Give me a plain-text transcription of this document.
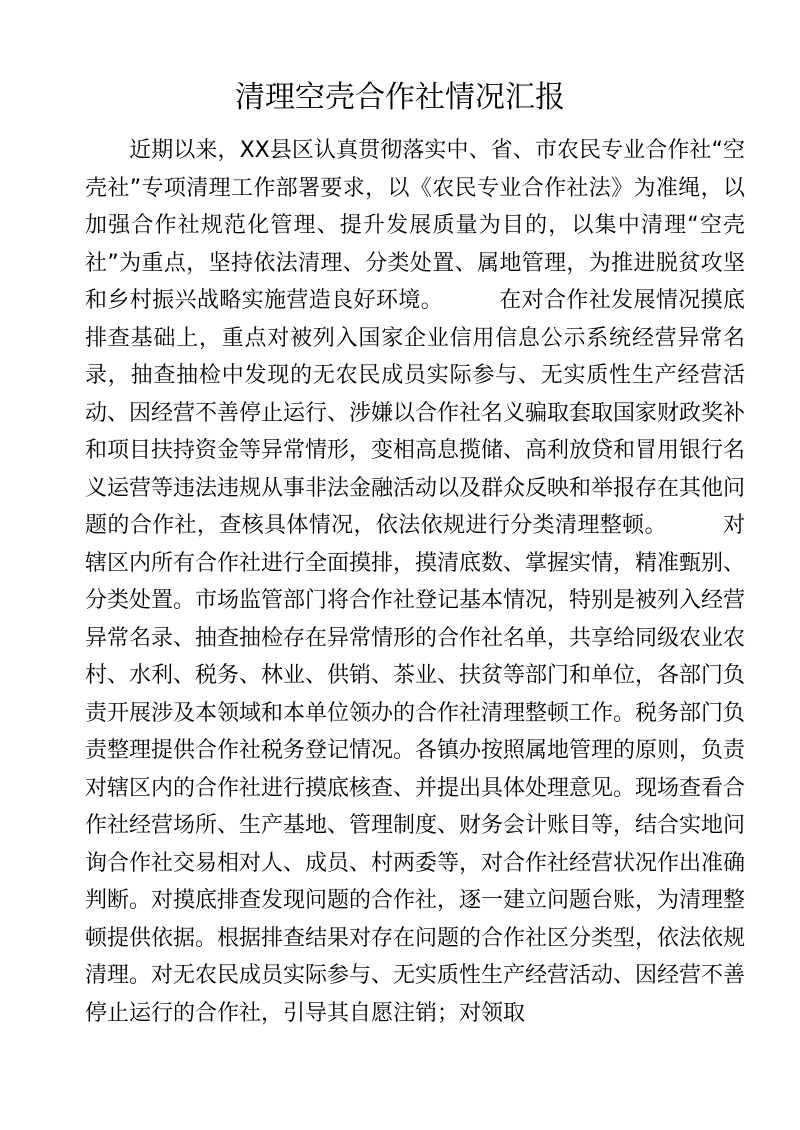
清理空壳合作社情况汇报

　　近期以来，XX县区认真贯彻落实中、省、市农民专业合作社“空壳社”专项清理工作部署要求，以《农民专业合作社法》为准绳，以加强合作社规范化管理、提升发展质量为目的，以集中清理“空壳社”为重点，坚持依法清理、分类处置、属地管理，为推进脱贫攻坚和乡村振兴战略实施营造良好环境。　　　在对合作社发展情况摸底排查基础上，重点对被列入国家企业信用信息公示系统经营异常名录，抽查抽检中发现的无农民成员实际参与、无实质性生产经营活动、因经营不善停止运行、涉嫌以合作社名义骗取套取国家财政奖补和项目扶持资金等异常情形，变相高息揽储、高利放贷和冒用银行名义运营等违法违规从事非法金融活动以及群众反映和举报存在其他问题的合作社，查核具体情况，依法依规进行分类清理整顿。　　　对辖区内所有合作社进行全面摸排，摸清底数、掌握实情，精准甄别、分类处置。市场监管部门将合作社登记基本情况，特别是被列入经营异常名录、抽查抽检存在异常情形的合作社名单，共享给同级农业农村、水利、税务、林业、供销、茶业、扶贫等部门和单位，各部门负责开展涉及本领域和本单位领办的合作社清理整顿工作。税务部门负责整理提供合作社税务登记情况。各镇办按照属地管理的原则，负责对辖区内的合作社进行摸底核查、并提出具体处理意见。现场查看合作社经营场所、生产基地、管理制度、财务会计账目等，结合实地问询合作社交易相对人、成员、村两委等，对合作社经营状况作出准确判断。对摸底排查发现问题的合作社，逐一建立问题台账，为清理整顿提供依据。根据排查结果对存在问题的合作社区分类型，依法依规清理。对无农民成员实际参与、无实质性生产经营活动、因经营不善停止运行的合作社，引导其自愿注销；对领取
